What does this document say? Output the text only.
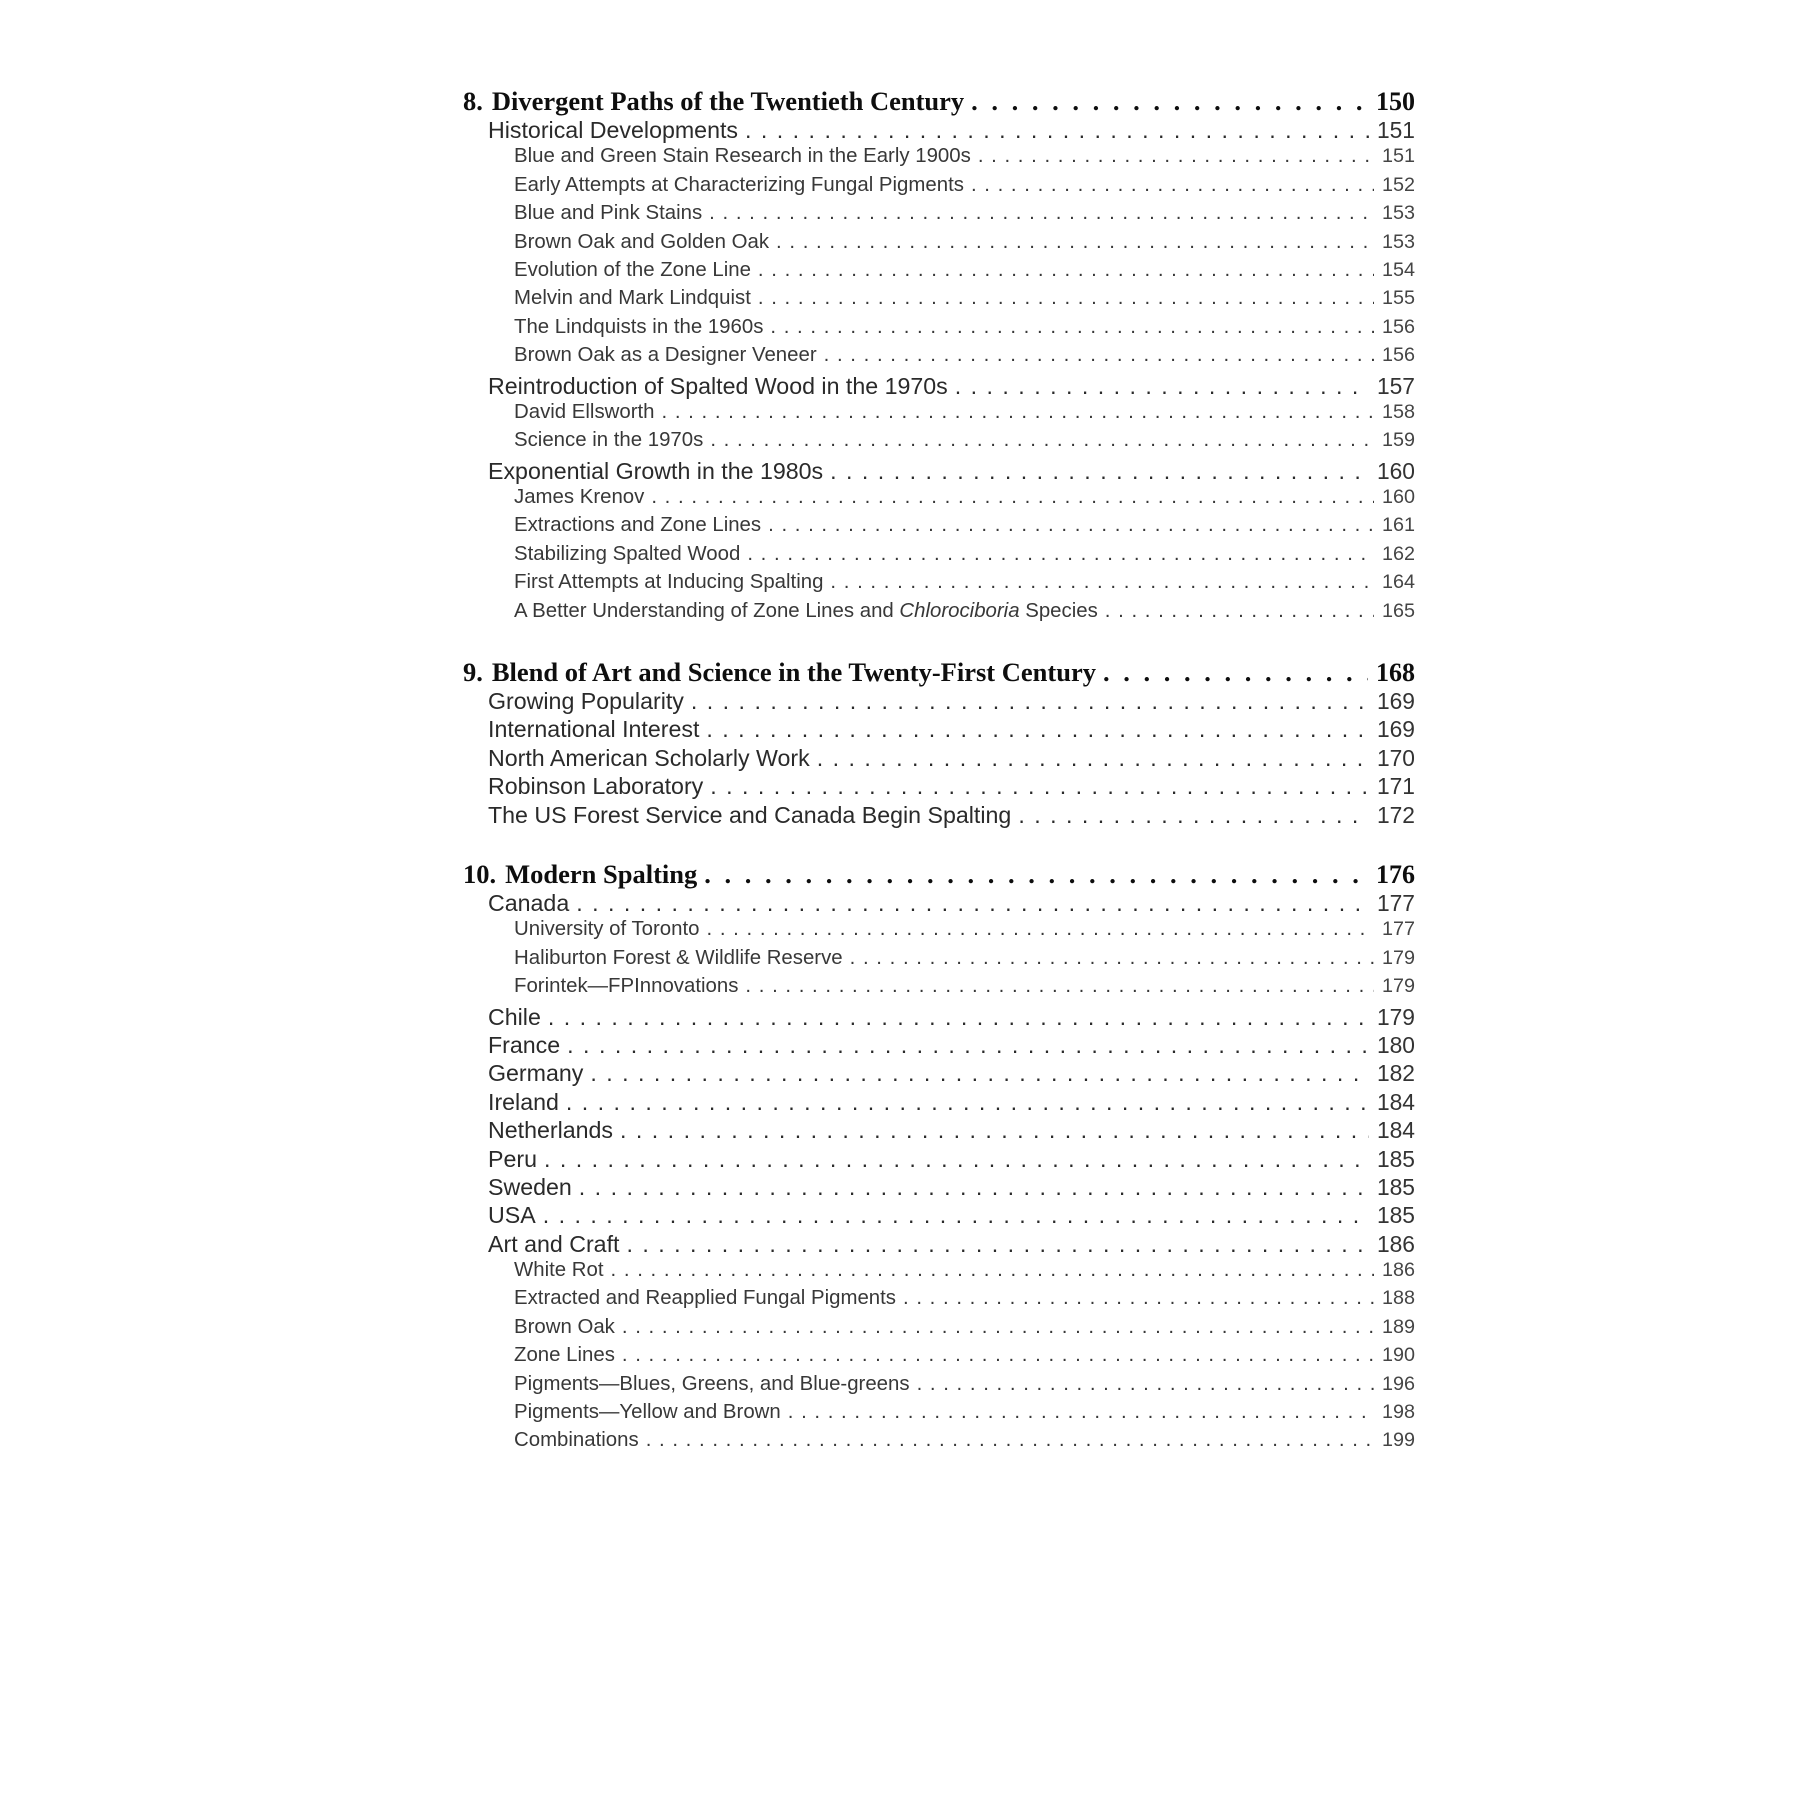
8. Divergent Paths of the Twentieth Century . . .	150
Historical Developments . . .	151
Blue and Green Stain Research in the Early 1900s . . .	151
Early Attempts at Characterizing Fungal Pigments . . .	152
Blue and Pink Stains . . .	153
Brown Oak and Golden Oak . . .	153
Evolution of the Zone Line . . .	154
Melvin and Mark Lindquist . . .	155
The Lindquists in the 1960s . . .	156
Brown Oak as a Designer Veneer . . .	156
Reintroduction of Spalted Wood in the 1970s . . .	157
David Ellsworth . . .	158
Science in the 1970s . . .	159
Exponential Growth in the 1980s . . .	160
James Krenov . . .	160
Extractions and Zone Lines . . .	161
Stabilizing Spalted Wood . . .	162
First Attempts at Inducing Spalting . . .	164
A Better Understanding of Zone Lines and Chlorociboria Species . . .	165
9. Blend of Art and Science in the Twenty-First Century . . .	168
Growing Popularity . . .	169
International Interest . . .	169
North American Scholarly Work . . .	170
Robinson Laboratory . . .	171
The US Forest Service and Canada Begin Spalting . . .	172
10. Modern Spalting . . .	176
Canada . . .	177
University of Toronto . . .	177
Haliburton Forest & Wildlife Reserve . . .	179
Forintek—FPInnovations . . .	179
Chile . . .	179
France . . .	180
Germany . . .	182
Ireland . . .	184
Netherlands . . .	184
Peru . . .	185
Sweden . . .	185
USA . . .	185
Art and Craft . . .	186
White Rot . . .	186
Extracted and Reapplied Fungal Pigments . . .	188
Brown Oak . . .	189
Zone Lines . . .	190
Pigments—Blues, Greens, and Blue-greens . . .	196
Pigments—Yellow and Brown . . .	198
Combinations . . .	199
